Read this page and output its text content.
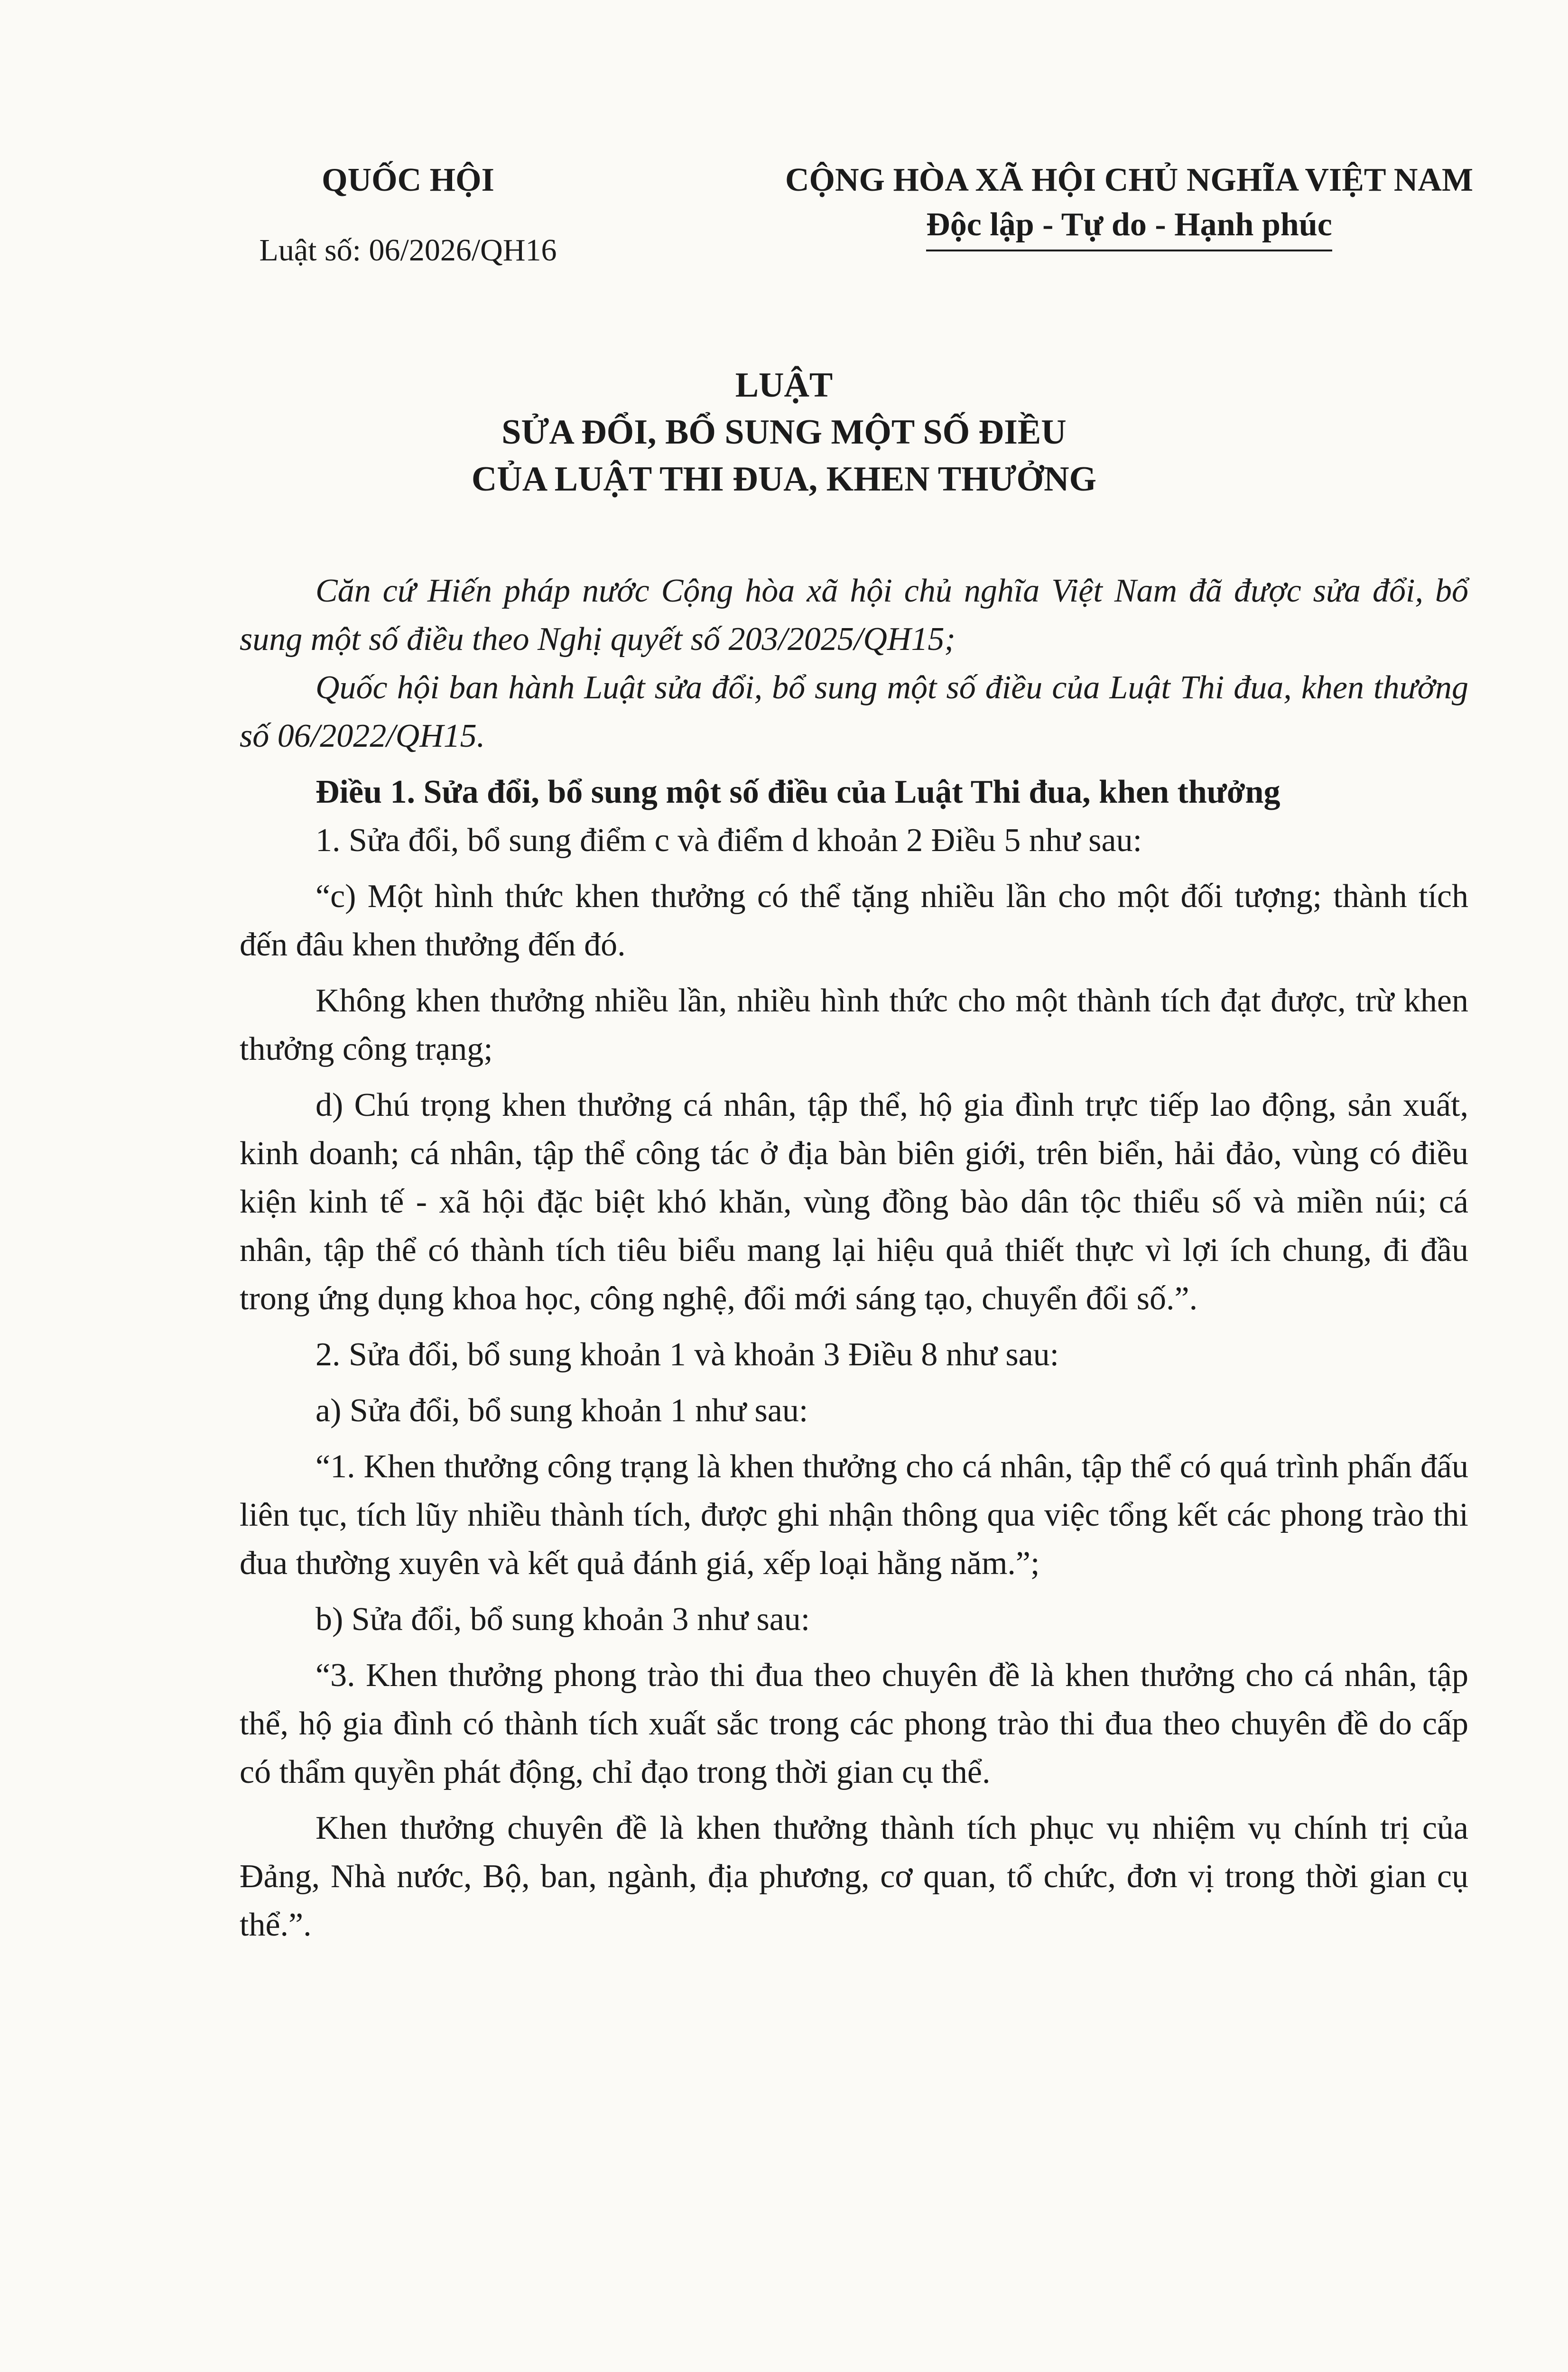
QUỐC HỘI
Luật số: 06/2026/QH16
CỘNG HÒA XÃ HỘI CHỦ NGHĨA VIỆT NAM
Độc lập - Tự do - Hạnh phúc
LUẬT
SỬA ĐỔI, BỔ SUNG MỘT SỐ ĐIỀU
CỦA LUẬT THI ĐUA, KHEN THƯỞNG

Căn cứ Hiến pháp nước Cộng hòa xã hội chủ nghĩa Việt Nam đã được sửa đổi, bổ sung một số điều theo Nghị quyết số 203/2025/QH15;

Quốc hội ban hành Luật sửa đổi, bổ sung một số điều của Luật Thi đua, khen thưởng số 06/2022/QH15.

Điều 1. Sửa đổi, bổ sung một số điều của Luật Thi đua, khen thưởng

1. Sửa đổi, bổ sung điểm c và điểm d khoản 2 Điều 5 như sau:

“c) Một hình thức khen thưởng có thể tặng nhiều lần cho một đối tượng; thành tích đến đâu khen thưởng đến đó.

Không khen thưởng nhiều lần, nhiều hình thức cho một thành tích đạt được, trừ khen thưởng công trạng;

d) Chú trọng khen thưởng cá nhân, tập thể, hộ gia đình trực tiếp lao động, sản xuất, kinh doanh; cá nhân, tập thể công tác ở địa bàn biên giới, trên biển, hải đảo, vùng có điều kiện kinh tế - xã hội đặc biệt khó khăn, vùng đồng bào dân tộc thiểu số và miền núi; cá nhân, tập thể có thành tích tiêu biểu mang lại hiệu quả thiết thực vì lợi ích chung, đi đầu trong ứng dụng khoa học, công nghệ, đổi mới sáng tạo, chuyển đổi số.”.

2. Sửa đổi, bổ sung khoản 1 và khoản 3 Điều 8 như sau:

a) Sửa đổi, bổ sung khoản 1 như sau:

“1. Khen thưởng công trạng là khen thưởng cho cá nhân, tập thể có quá trình phấn đấu liên tục, tích lũy nhiều thành tích, được ghi nhận thông qua việc tổng kết các phong trào thi đua thường xuyên và kết quả đánh giá, xếp loại hằng năm.”;

b) Sửa đổi, bổ sung khoản 3 như sau:

“3. Khen thưởng phong trào thi đua theo chuyên đề là khen thưởng cho cá nhân, tập thể, hộ gia đình có thành tích xuất sắc trong các phong trào thi đua theo chuyên đề do cấp có thẩm quyền phát động, chỉ đạo trong thời gian cụ thể.

Khen thưởng chuyên đề là khen thưởng thành tích phục vụ nhiệm vụ chính trị của Đảng, Nhà nước, Bộ, ban, ngành, địa phương, cơ quan, tổ chức, đơn vị trong thời gian cụ thể.”.
